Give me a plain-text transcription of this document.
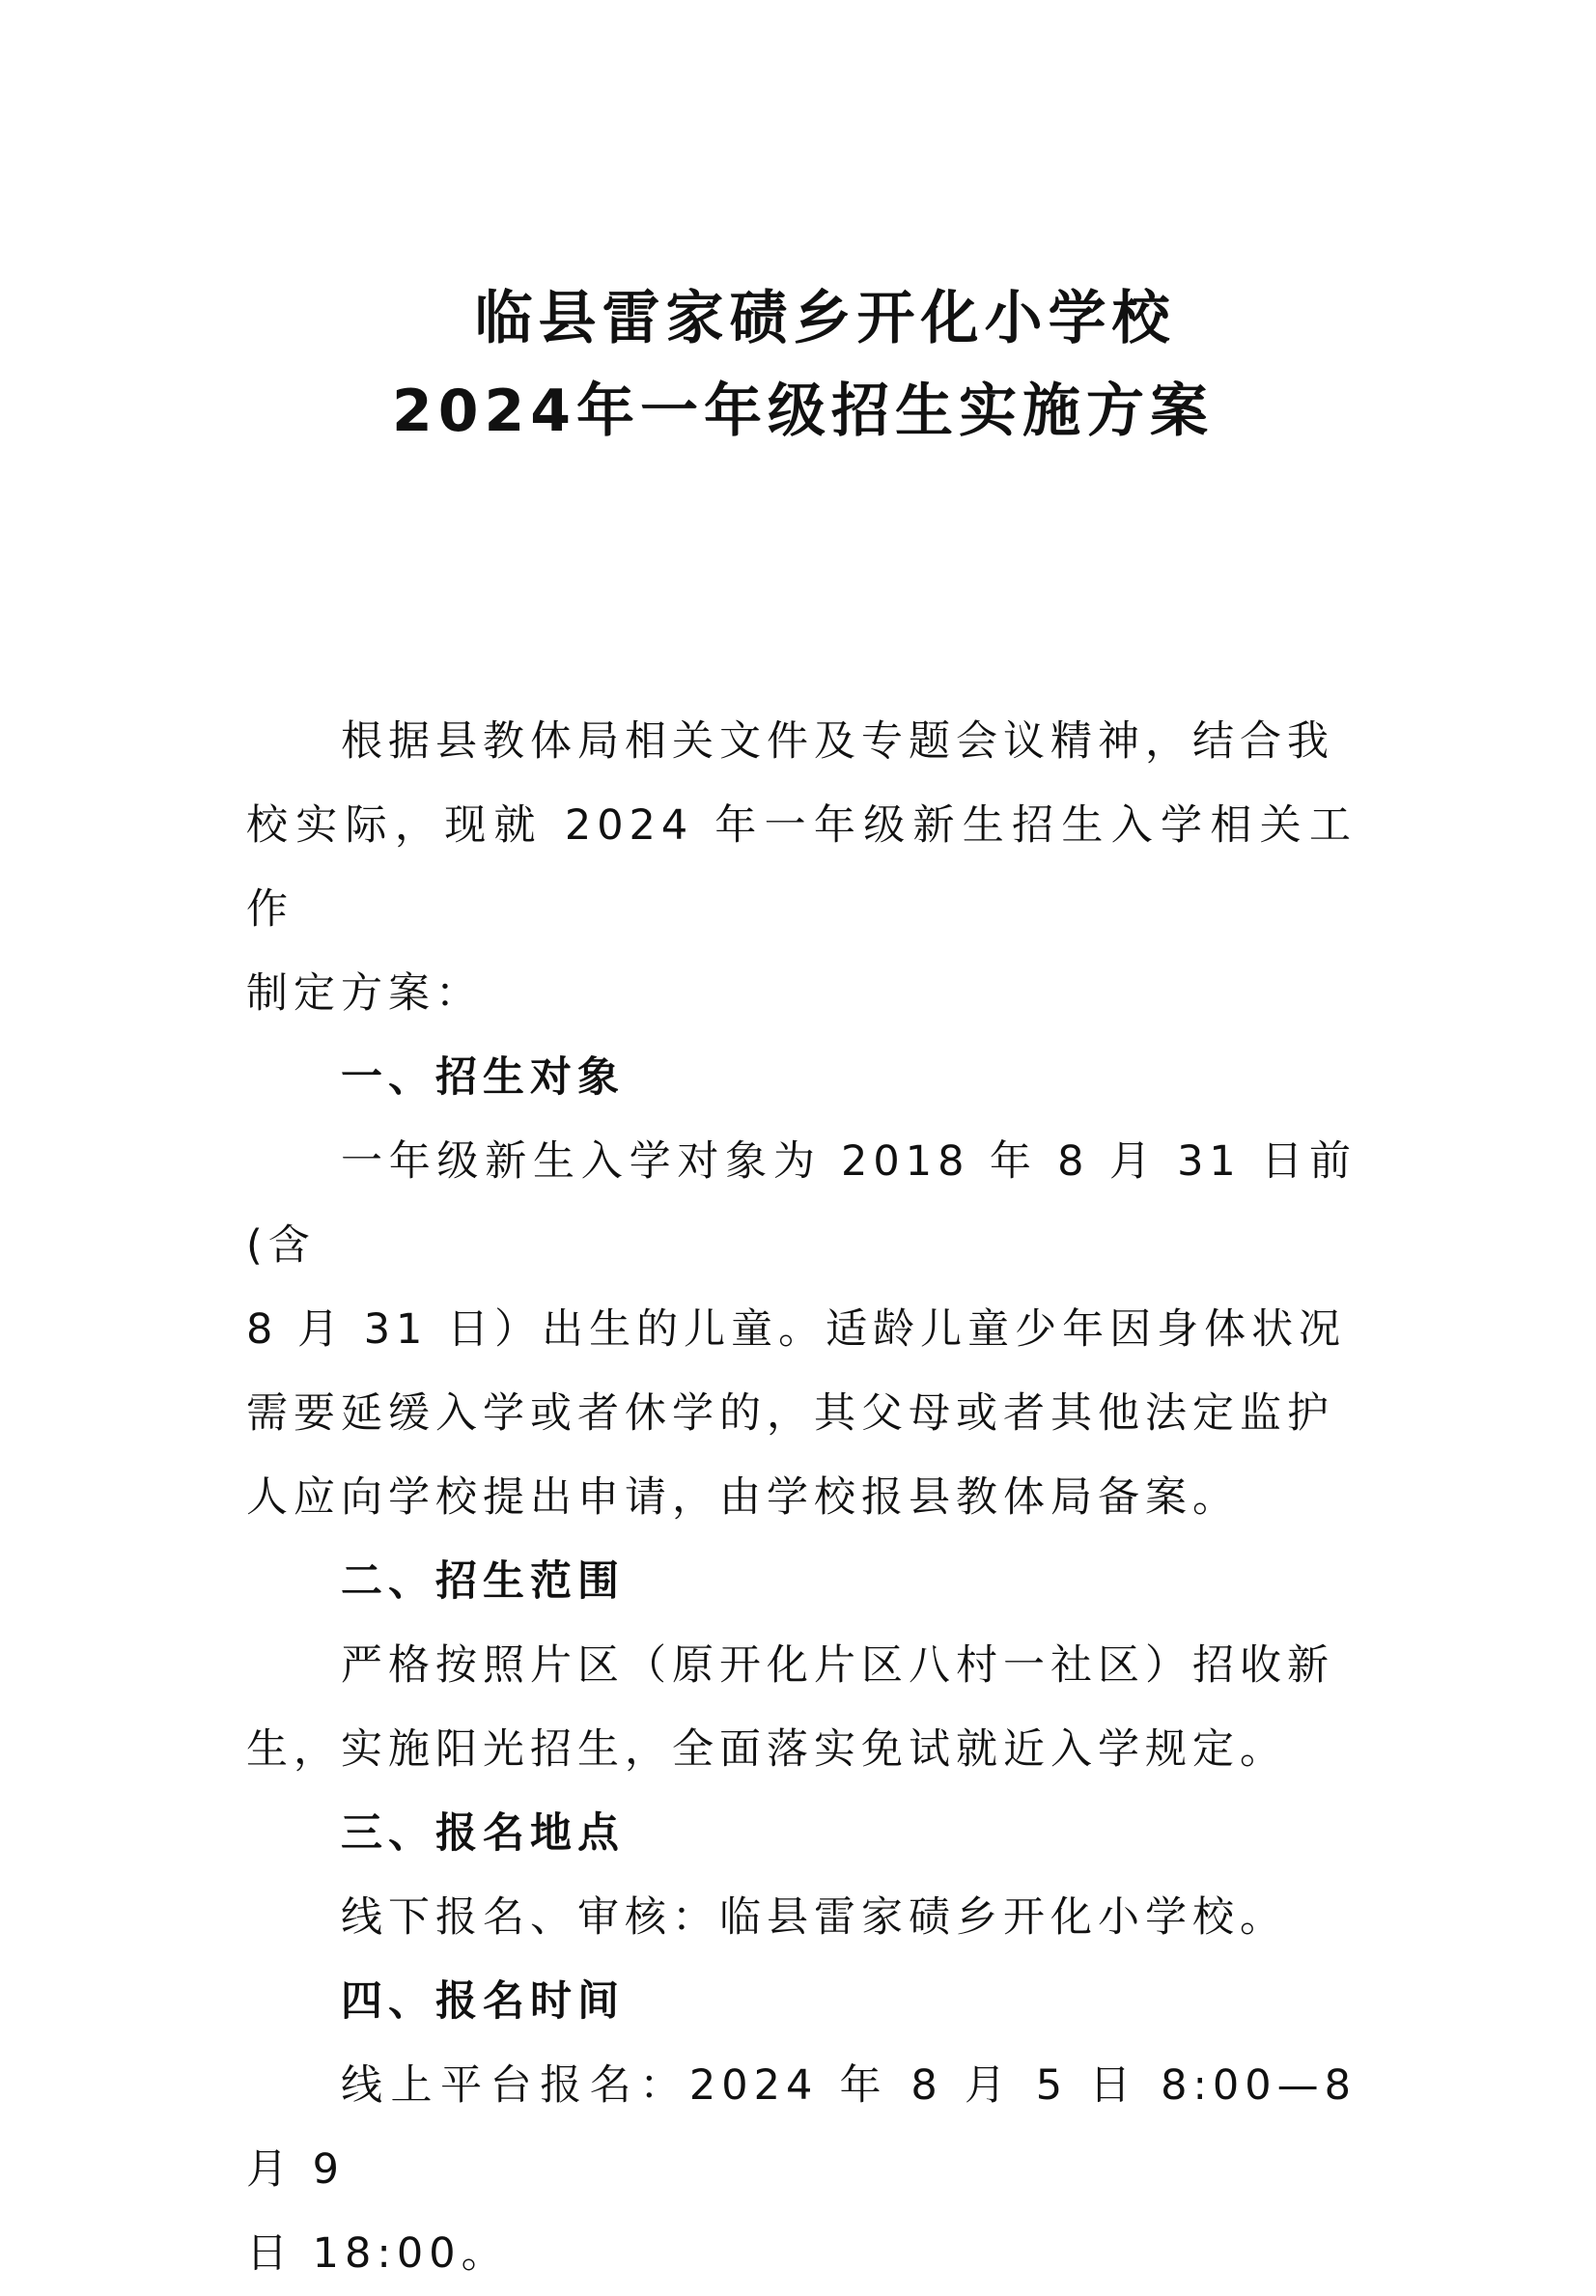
临县雷家碛乡开化小学校
2024年一年级招生实施方案

根据县教体局相关文件及专题会议精神，结合我
校实际，现就 2024 年一年级新生招生入学相关工作
制定方案：

一、招生对象

一年级新生入学对象为 2018 年 8 月 31 日前(含
8 月 31 日）出生的儿童。适龄儿童少年因身体状况
需要延缓入学或者休学的，其父母或者其他法定监护
人应向学校提出申请，由学校报县教体局备案。

二、招生范围

严格按照片区（原开化片区八村一社区）招收新
生，实施阳光招生，全面落实免试就近入学规定。

三、报名地点

线下报名、审核：临县雷家碛乡开化小学校。

四、报名时间

线上平台报名：2024 年 8 月 5 日 8:00—8 月 9
日 18:00。
